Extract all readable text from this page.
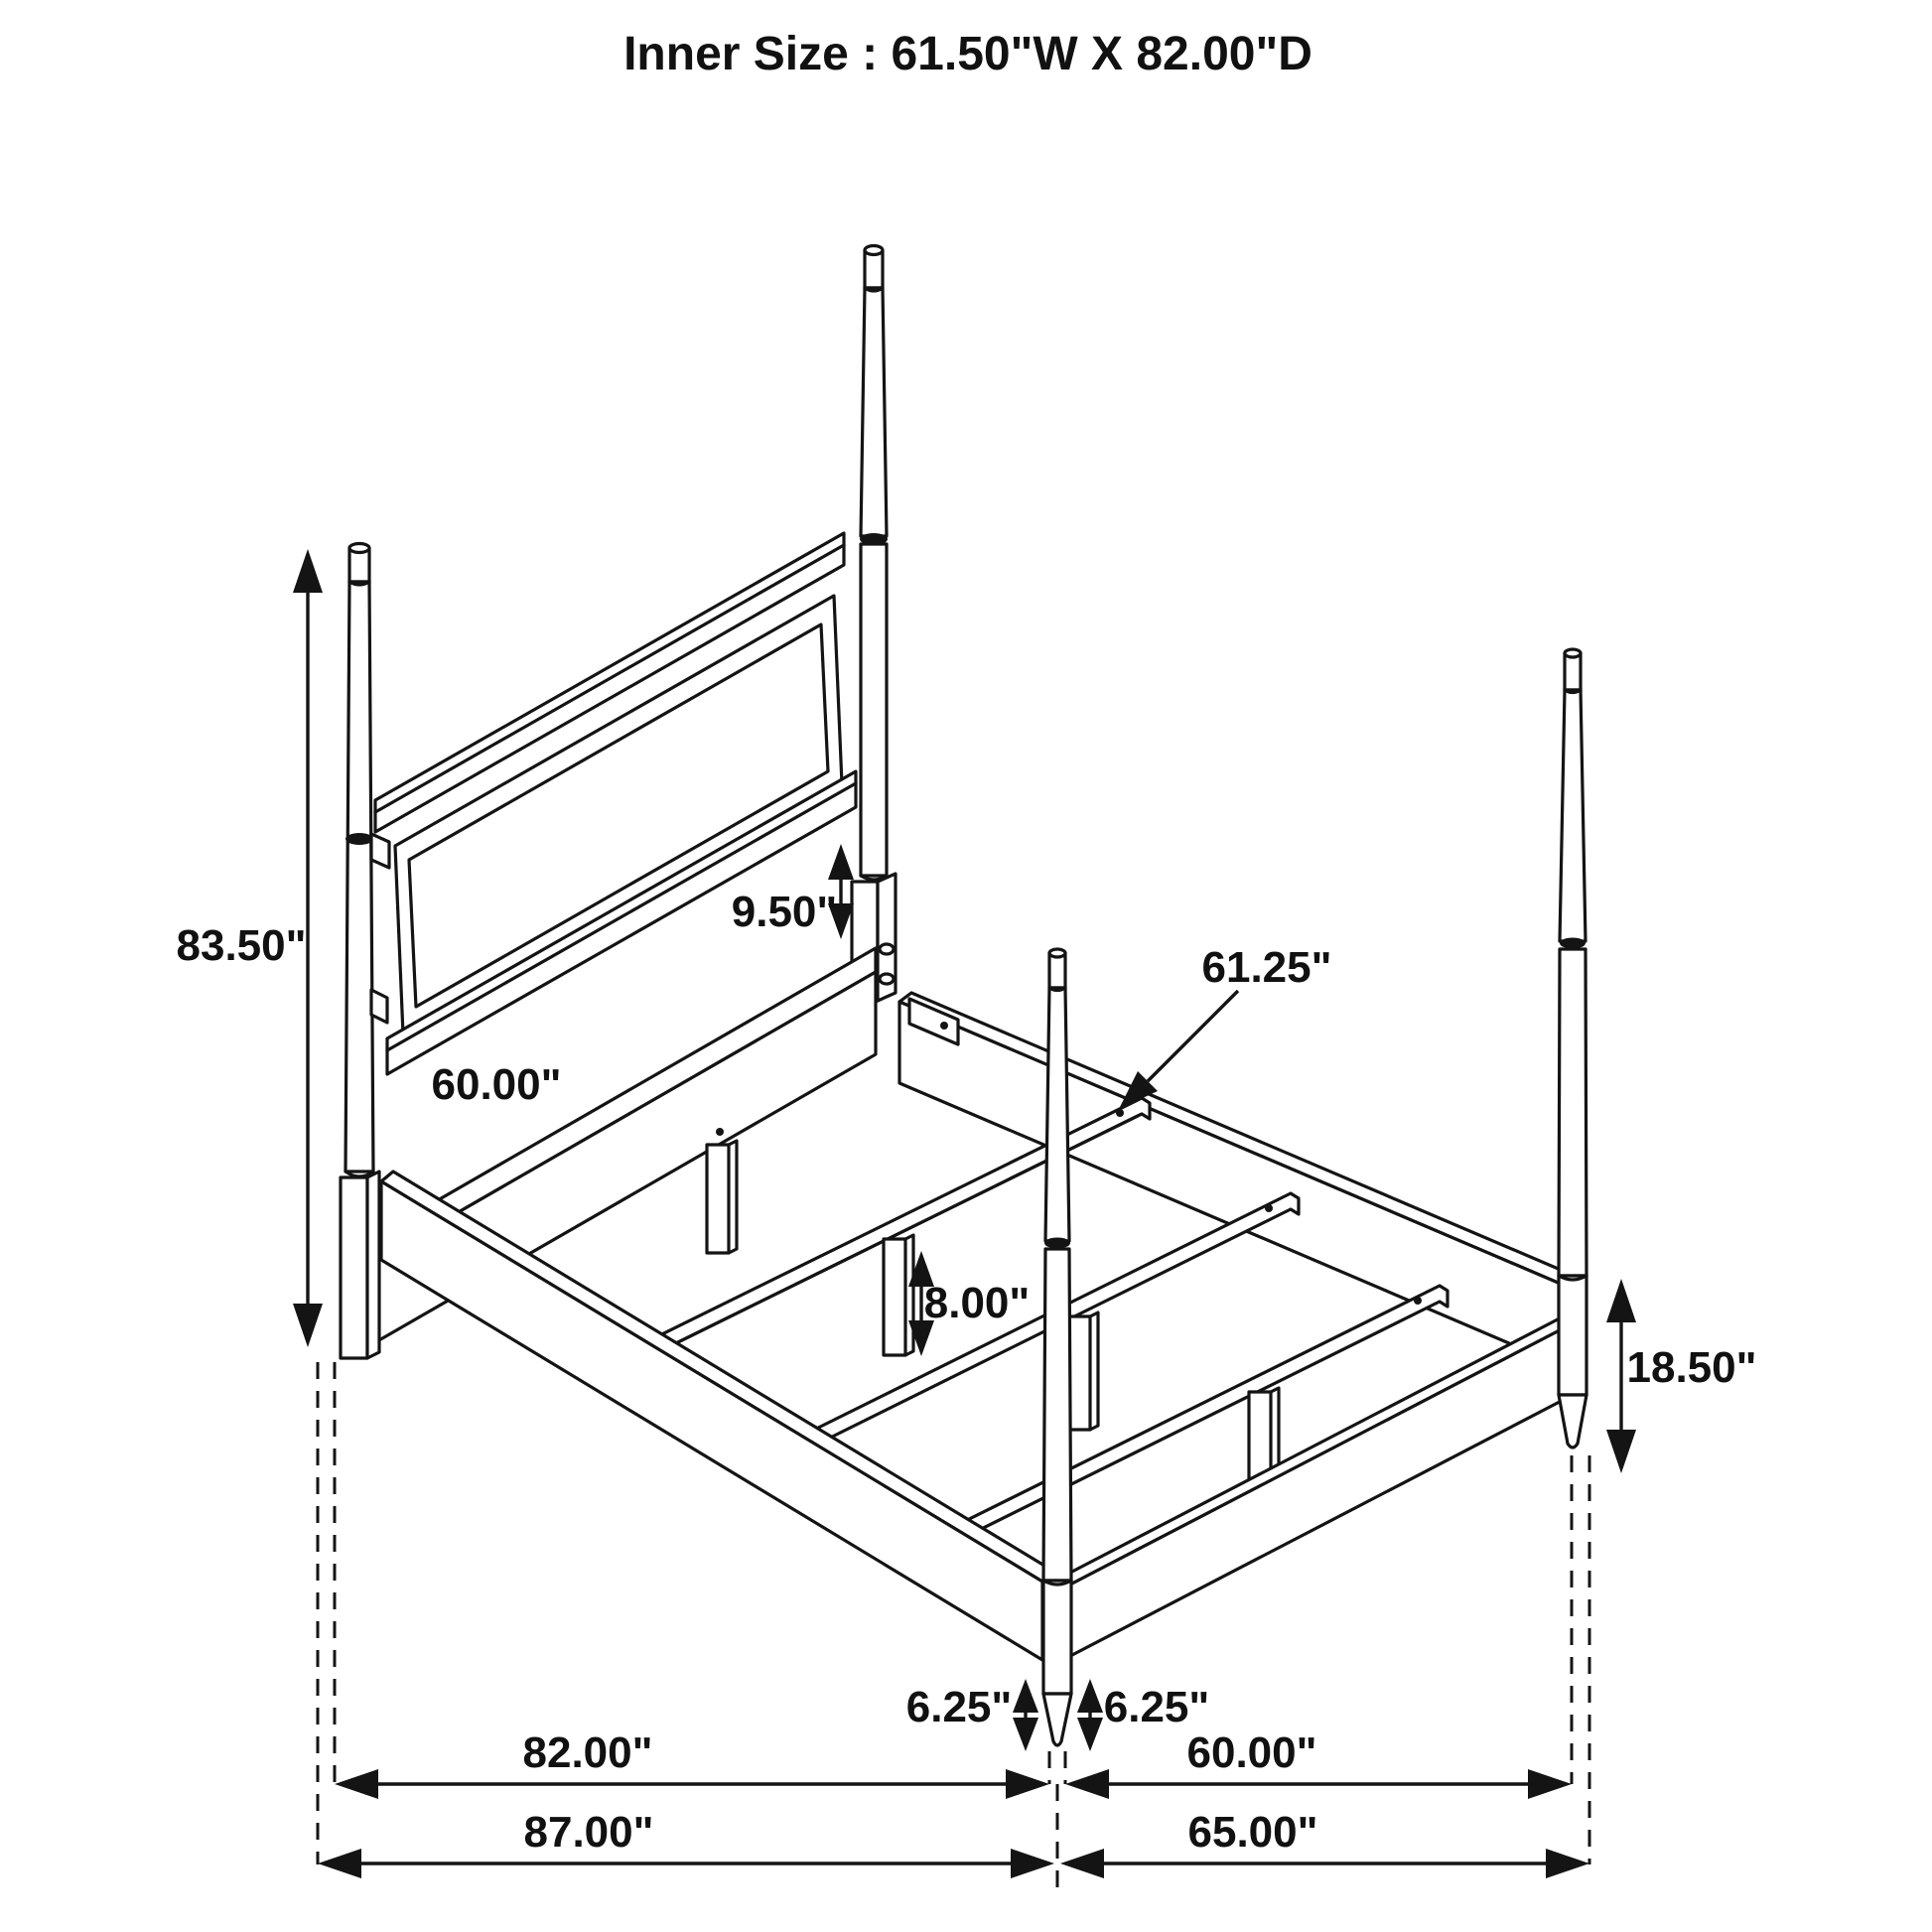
83.50"
9.50"
61.25"
60.00"
8.00"
18.50"
6.25" 6.25"
82.00"	60.00"
87.00"	65.00"
Inner Size : 61.50"W X 82.00"D
